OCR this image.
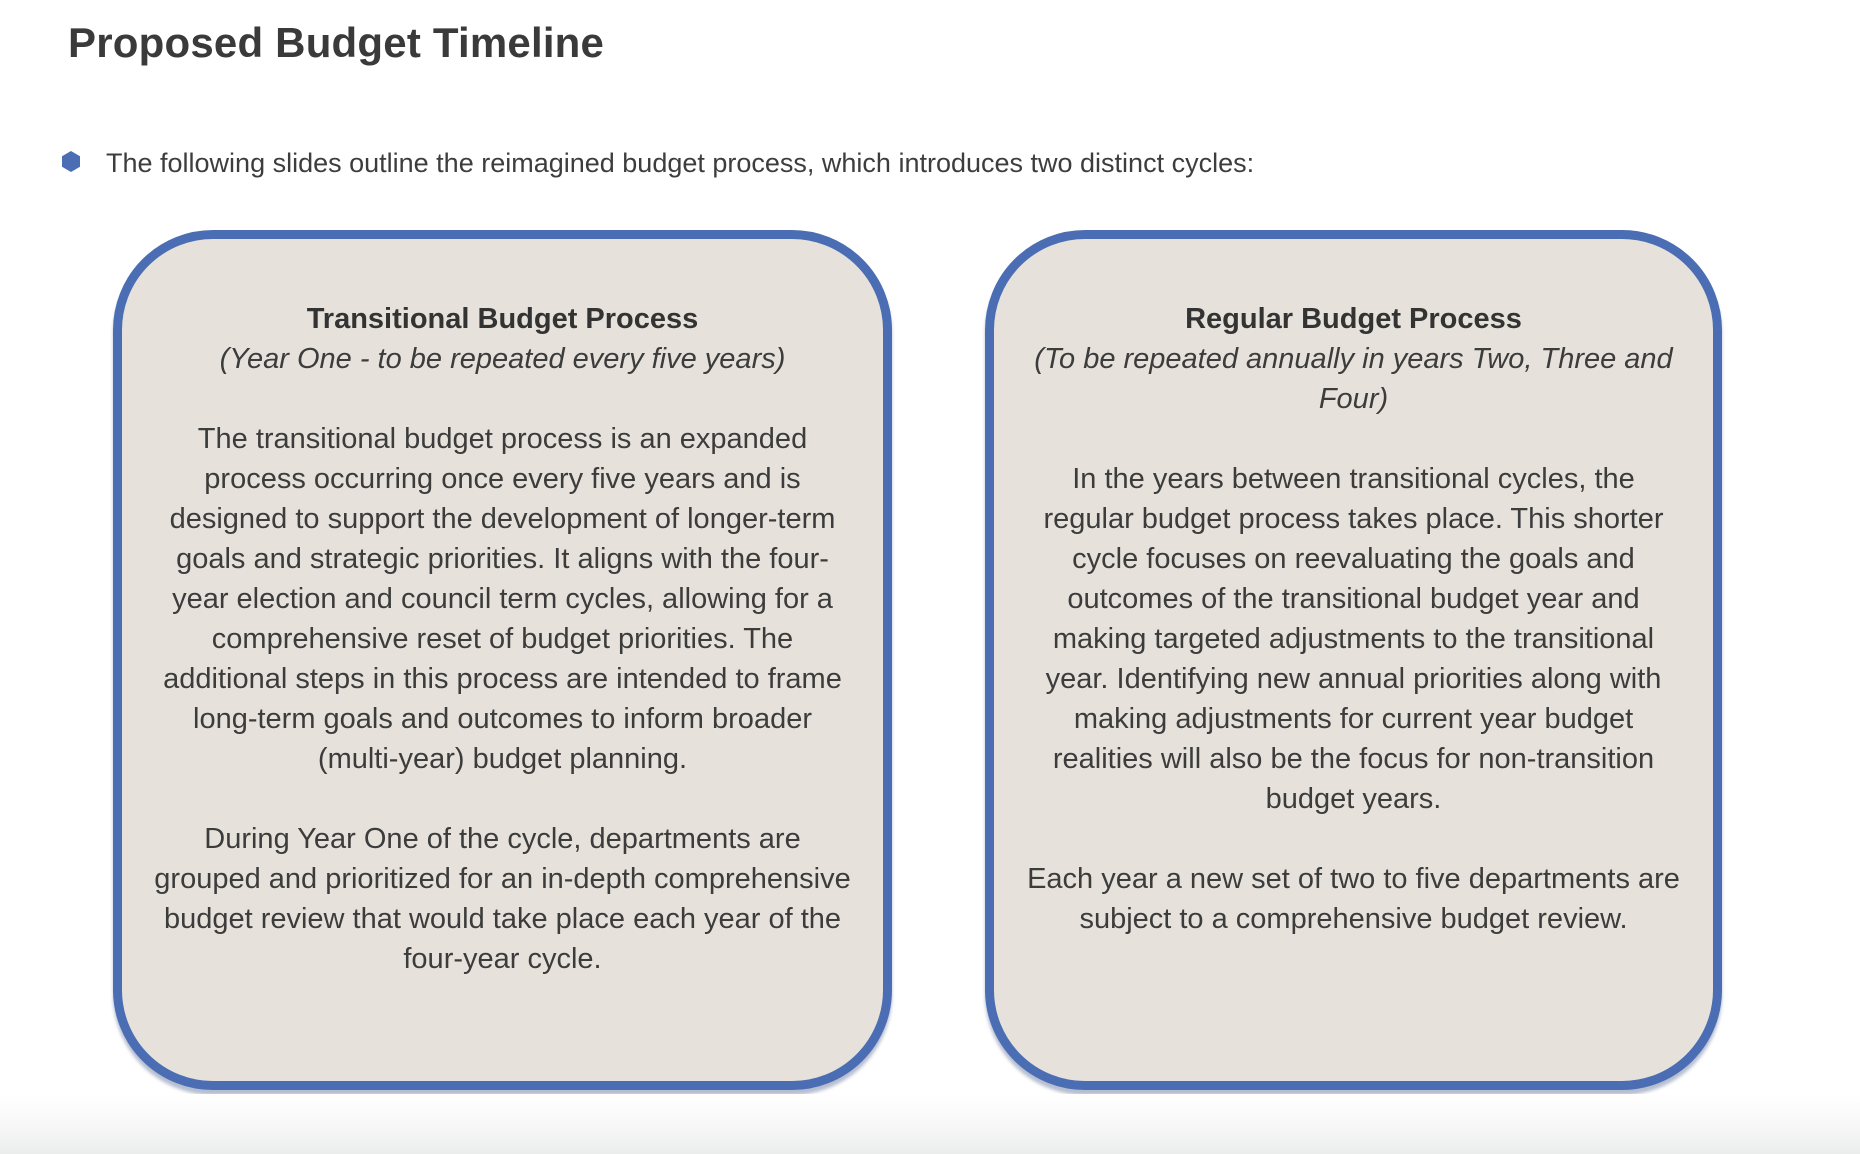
Proposed Budget Timeline
The following slides outline the reimagined budget process, which introduces two distinct cycles:
Transitional Budget Process
(Year One - to be repeated every five years)

The transitional budget process is an expanded process occurring once every five years and is designed to support the development of longer-term goals and strategic priorities. It aligns with the four-year election and council term cycles, allowing for a comprehensive reset of budget priorities. The additional steps in this process are intended to frame long-term goals and outcomes to inform broader (multi-year) budget planning.

During Year One of the cycle, departments are grouped and prioritized for an in-depth comprehensive budget review that would take place each year of the four-year cycle.

Regular Budget Process
(To be repeated annually in years Two, Three and Four)

In the years between transitional cycles, the regular budget process takes place. This shorter cycle focuses on reevaluating the goals and outcomes of the transitional budget year and making targeted adjustments to the transitional year. Identifying new annual priorities along with making adjustments for current year budget realities will also be the focus for non-transition budget years.

Each year a new set of two to five departments are subject to a comprehensive budget review.
